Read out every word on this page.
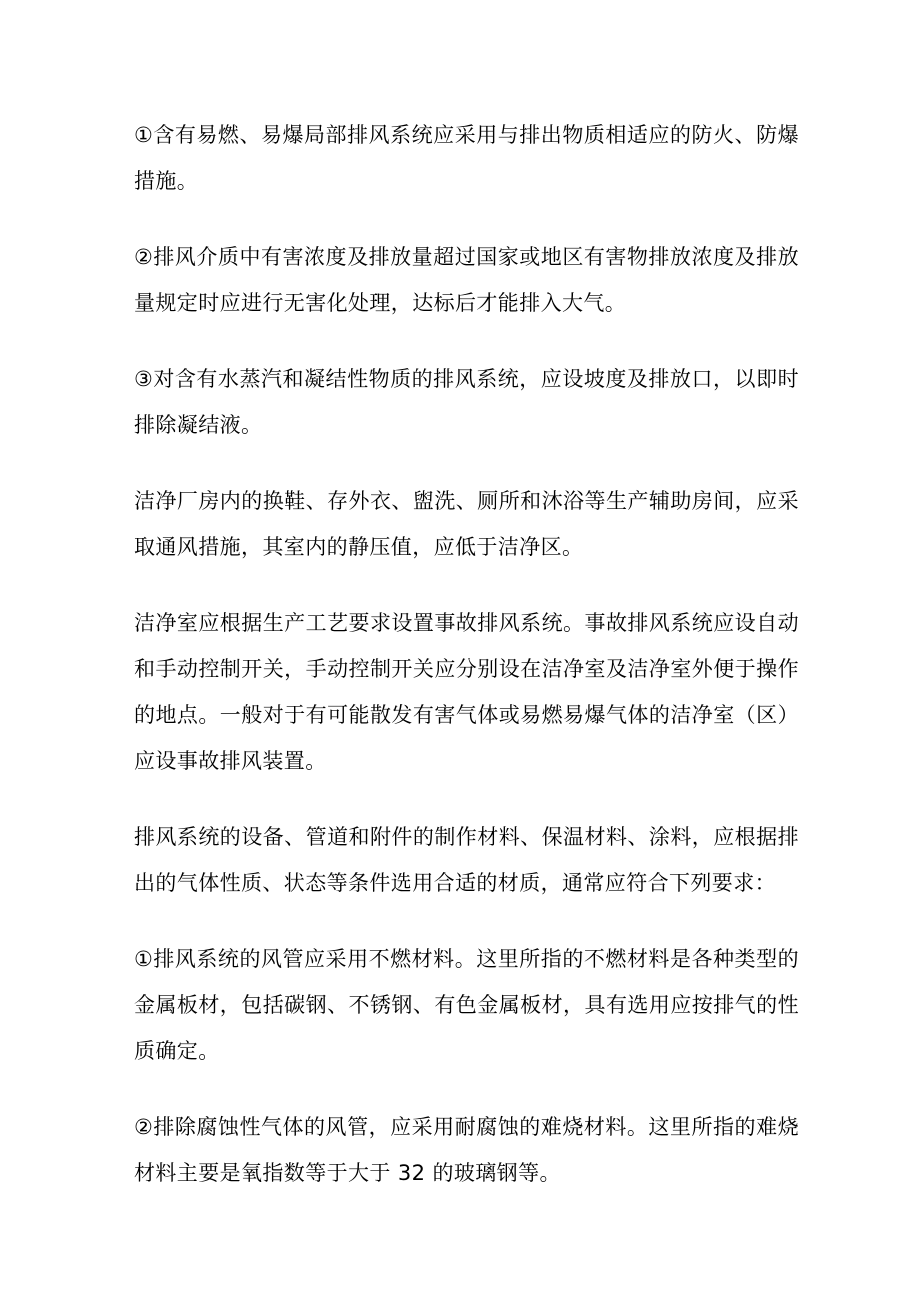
①含有易燃、易爆局部排风系统应采用与排出物质相适应的防火、防爆措施。

②排风介质中有害浓度及排放量超过国家或地区有害物排放浓度及排放量规定时应进行无害化处理，达标后才能排入大气。

③对含有水蒸汽和凝结性物质的排风系统，应设坡度及排放口，以即时排除凝结液。

洁净厂房内的换鞋、存外衣、盥洗、厕所和沐浴等生产辅助房间，应采取通风措施，其室内的静压值，应低于洁净区。

洁净室应根据生产工艺要求设置事故排风系统。事故排风系统应设自动和手动控制开关，手动控制开关应分别设在洁净室及洁净室外便于操作的地点。一般对于有可能散发有害气体或易燃易爆气体的洁净室（区）应设事故排风装置。

排风系统的设备、管道和附件的制作材料、保温材料、涂料，应根据排出的气体性质、状态等条件选用合适的材质，通常应符合下列要求：

①排风系统的风管应采用不燃材料。这里所指的不燃材料是各种类型的金属板材，包括碳钢、不锈钢、有色金属板材，具有选用应按排气的性质确定。

②排除腐蚀性气体的风管，应采用耐腐蚀的难烧材料。这里所指的难烧材料主要是氧指数等于大于 32 的玻璃钢等。
